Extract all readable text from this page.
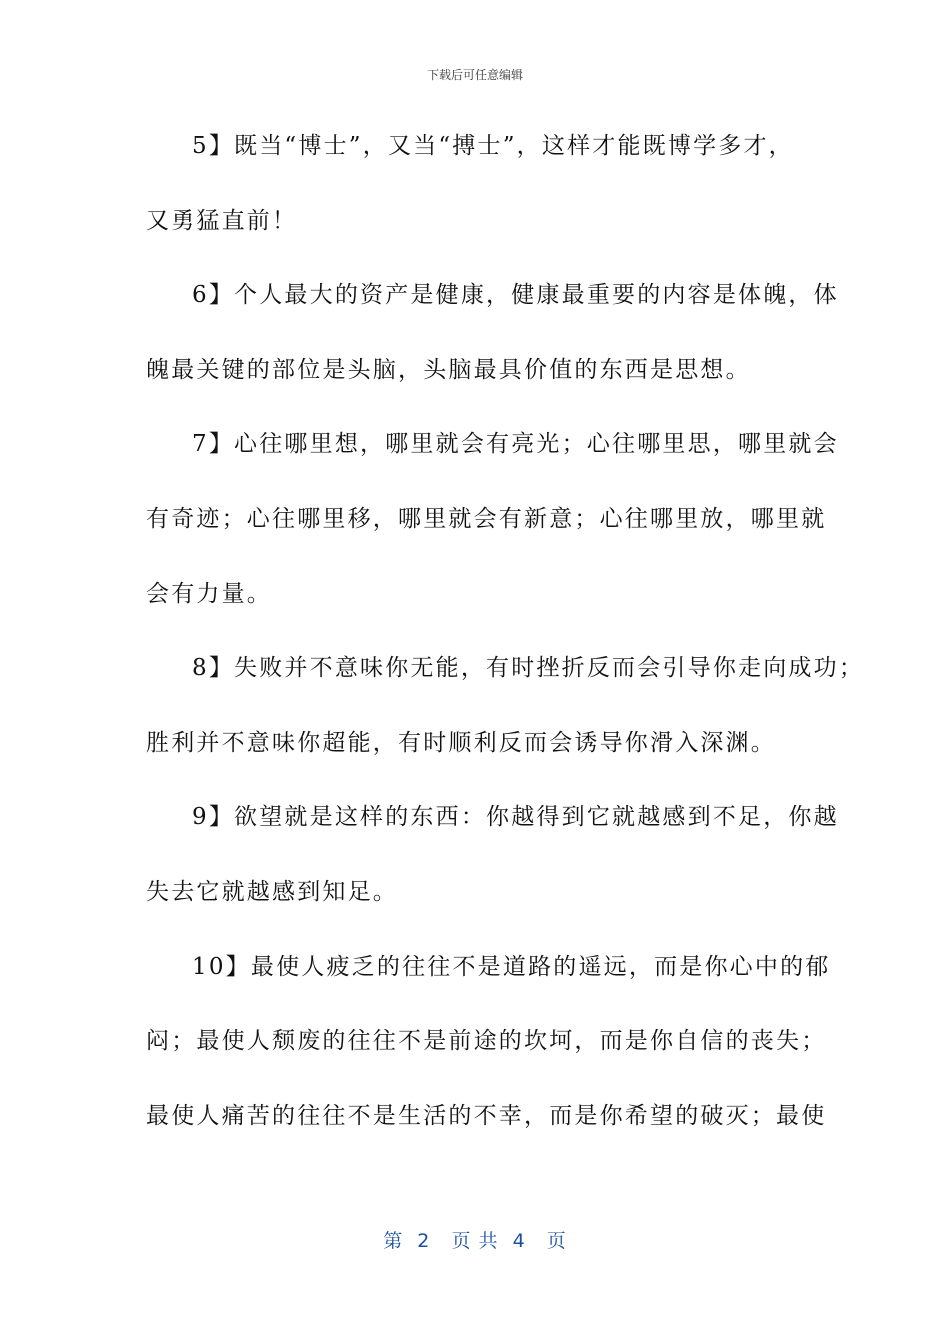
下载后可任意编辑
5】既当“博士”，又当“搏士”，这样才能既博学多才，
又勇猛直前！
6】个人最大的资产是健康，健康最重要的内容是体魄，体
魄最关键的部位是头脑，头脑最具价值的东西是思想。
7】心往哪里想，哪里就会有亮光；心往哪里思，哪里就会
有奇迹；心往哪里移，哪里就会有新意；心往哪里放，哪里就
会有力量。
8】失败并不意味你无能，有时挫折反而会引导你走向成功；
胜利并不意味你超能，有时顺利反而会诱导你滑入深渊。
9】欲望就是这样的东西：你越得到它就越感到不足，你越
失去它就越感到知足。
10】最使人疲乏的往往不是道路的遥远，而是你心中的郁
闷；最使人颓废的往往不是前途的坎坷，而是你自信的丧失；
最使人痛苦的往往不是生活的不幸，而是你希望的破灭；最使
第  2   页 共  4   页
